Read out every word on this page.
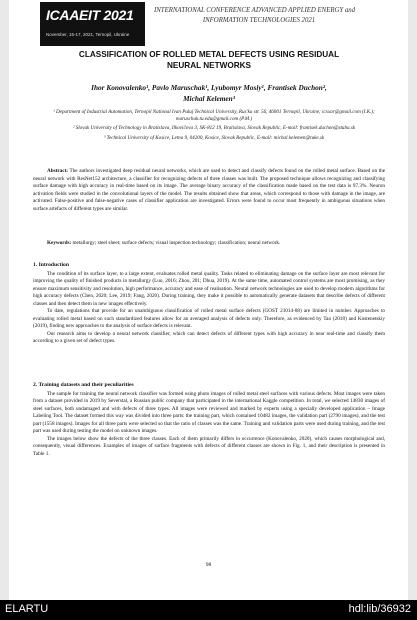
ICAAEIT 2021
November, 15-17, 2021, Ternopil, Ukraine
INTERNATIONAL CONFERENCE ADVANCED APPLIED ENERGY and
INFORMATION TECHNOLOGIES 2021
CLASSIFICATION OF ROLLED METAL DEFECTS USING RESIDUAL
NEURAL NETWORKS
Ihor Konovalenko¹, Pavlo Maruschak¹, Lyubomyr Mosiy¹, Frantisek Duchon²,
Michal Kelemen³

¹ Department of Industrial Automation, Ternopil National Ivan Puluj Technical University, Rus'ka str. 56, 46001 Ternopil, Ukraine; icxxar@gmail.com (I.K.); maruschak.tu.edu@gmail.com (P.M.)

² Slovak University of Technology in Bratislava, Ilkovičova 3, SK-812 19, Bratislava, Slovak Republic, E-mail: frantisek.duchon@stuba.sk

³ Technical University of Kosice, Letna 9, 04200, Kosice, Slovak Republic, E-mail: michal.kelemen@tuke.sk

Abstract: The authors investigated deep residual neural networks, which are used to detect and classify defects found on the rolled metal surface. Based on the neural network with ResNet152 architecture, a classifier for recognizing defects of three classes was built. The proposed technique allows recognizing and classifying surface damage with high accuracy in real-time based on its image. The average binary accuracy of the classification made based on the test data is 97.3%. Neuron activation fields were studied in the convolutional layers of the model. The results obtained show that areas, which correspond to those with damage in the image, are activated. False-positive and false-negative cases of classifier application are investigated. Errors were found to occur most frequently in ambiguous situations when surface artefacts of different types are similar.

Keywords: metallurgy; steel sheet; surface defects; visual inspection technology; classification; neural network.
1. Introduction

The condition of its surface layer, to a large extent, evaluates rolled metal quality. Tasks related to eliminating damage on the surface layer are most relevant for improving the quality of finished products in metallurgy (Luo, 2016; Zhou, 201; Dhua, 2019). At the same time, automated control systems are most promising, as they ensure maximum sensitivity and resolution, high performance, accuracy and ease of realisation. Neural network technologies are used to develop modern algorithms for high accuracy defects (Chen, 2020; Lee, 2019; Fang, 2020). During training, they make it possible to automatically generate datasets that describe defects of different classes and then detect them in new images effectively.

To date, regulations that provide for an unambiguous classification of rolled metal surface defects (GOST 21014-88) are limited in number. Approaches to evaluating rolled metal based on such standardized features allow for an averaged analysis of defects only. Therefore, as evidenced by Tao (2018) and Kostenetskiy (2019), finding new approaches to the analysis of surface defects is relevant.

Our research aims to develop a neural network classifier, which can detect defects of different types with high accuracy in near real-time and classify them according to a given set of defect types.

2. Training datasets and their peculiarities

The sample for training the neural network classifier was formed using photo images of rolled metal steel surfaces with various defects. Most images were taken from a dataset provided in 2019 by Severstal, a Russian public company that participated in the international Kaggle competition. In total, we selected 14830 images of steel surfaces, both undamaged and with defects of three types. All images were reviewed and marked by experts using a specially developed application – Image Labeling Tool. The dataset formed this way was divided into three parts: the training part, which contained 10482 images, the validation part (2790 images), and the test part (1558 images). Images for all three parts were selected so that the ratio of classes was the same. Training and validation parts were used during training, and the test part was used during testing the model on unknown images.

The images below show the defects of the three classes. Each of them primarily differs in occurrence (Konovalenko, 2020), which causes morphological and, consequently, visual differences. Examples of images of surface fragments with defects of different classes are shown in Fig. 1, and their description is presented in Table 1.

98
ELARTU	hdl:lib/36932
